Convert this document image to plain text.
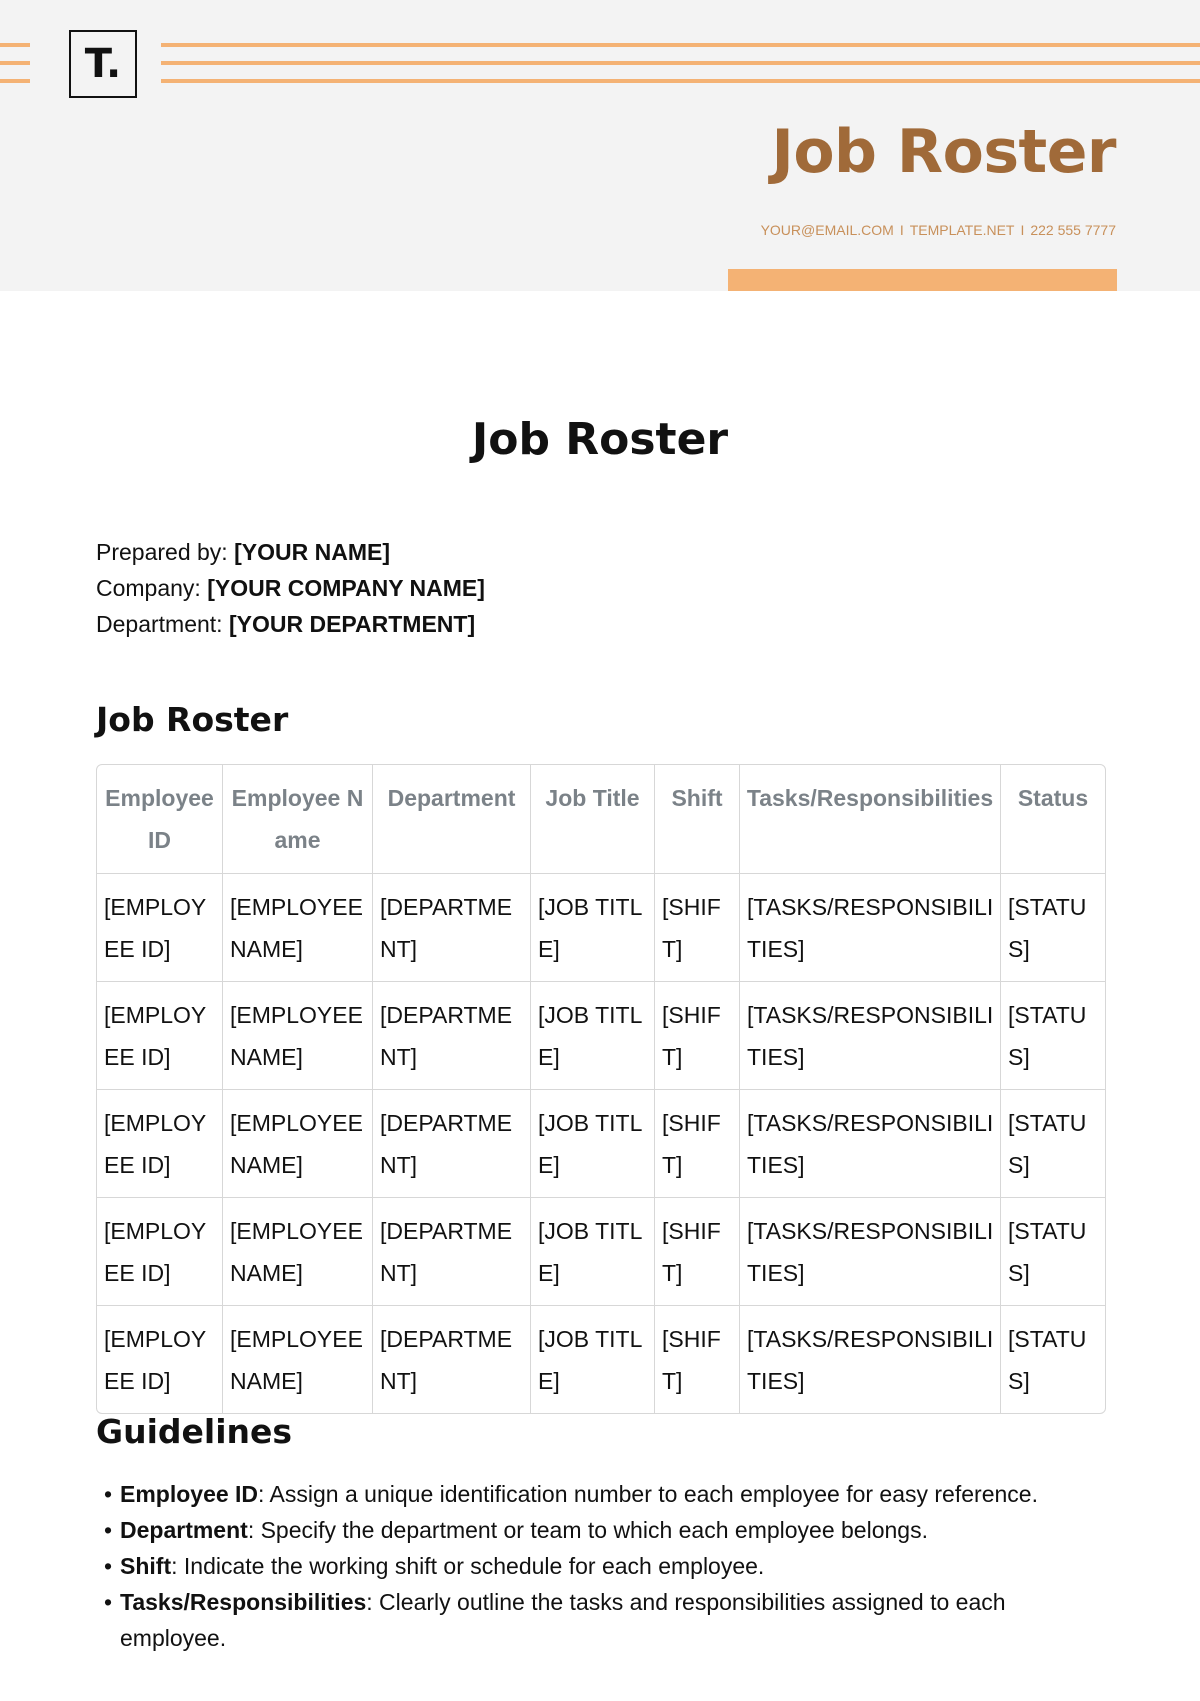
T.
Job Roster
YOUR@EMAIL.COM I TEMPLATE.NET I 222 555 7777
Job Roster
Prepared by: [YOUR NAME]
Company: [YOUR COMPANY NAME]
Department: [YOUR DEPARTMENT]
Job Roster
Employee ID	Employee Name	Department	Job Title	Shift	Tasks/Responsibilities	Status
[EMPLOYEE ID]	[EMPLOYEE NAME]	[DEPARTMENT]	[JOB TITLE]	[SHIFT]	[TASKS/RESPONSIBILITIES]	[STATUS]
[EMPLOYEE ID]	[EMPLOYEE NAME]	[DEPARTMENT]	[JOB TITLE]	[SHIFT]	[TASKS/RESPONSIBILITIES]	[STATUS]
[EMPLOYEE ID]	[EMPLOYEE NAME]	[DEPARTMENT]	[JOB TITLE]	[SHIFT]	[TASKS/RESPONSIBILITIES]	[STATUS]
[EMPLOYEE ID]	[EMPLOYEE NAME]	[DEPARTMENT]	[JOB TITLE]	[SHIFT]	[TASKS/RESPONSIBILITIES]	[STATUS]
[EMPLOYEE ID]	[EMPLOYEE NAME]	[DEPARTMENT]	[JOB TITLE]	[SHIFT]	[TASKS/RESPONSIBILITIES]	[STATUS]
Guidelines
• Employee ID: Assign a unique identification number to each employee for easy reference.
• Department: Specify the department or team to which each employee belongs.
• Shift: Indicate the working shift or schedule for each employee.
• Tasks/Responsibilities: Clearly outline the tasks and responsibilities assigned to each employee.
